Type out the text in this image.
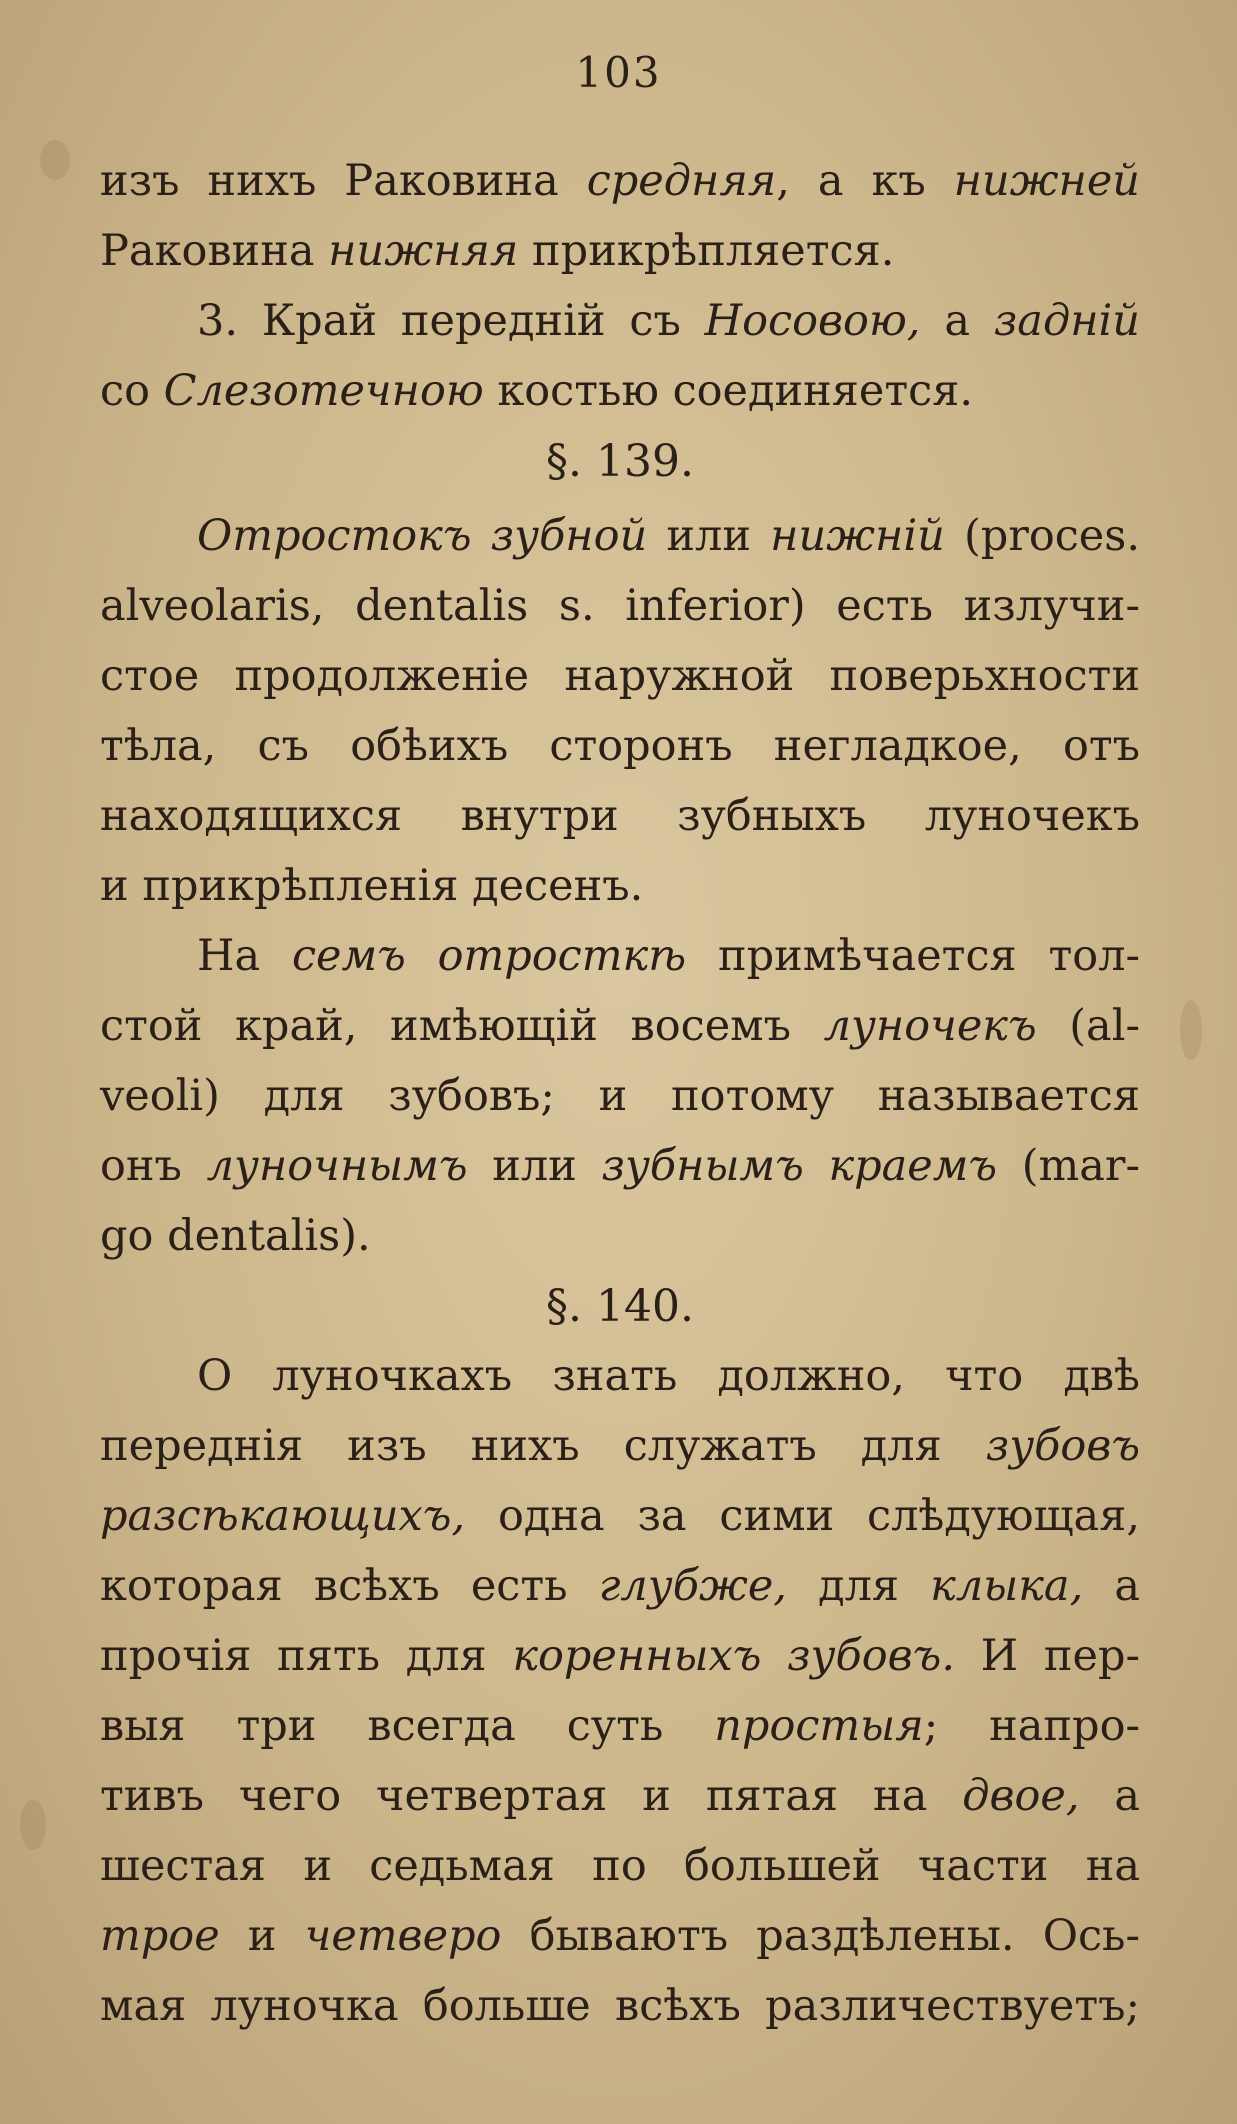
103
изъ нихъ Раковина средняя, а къ нижней
Раковина нижняя прикрѣпляется.
3. Край передній съ Носовою, а задній
со Слезотечною костью соединяется.
§. 139.
Отростокъ зубной или нижній (proces.
alveolaris, dentalis s. inferior) есть излучи-
стое продолженіе наружной поверьхности
тѣла, съ обѣихъ сторонъ негладкое, отъ
находящихся внутри зубныхъ луночекъ
и прикрѣпленія десенъ.
На семъ отросткѣ примѣчается тол-
стой край, имѣющій восемъ луночекъ (al-
veoli) для зубовъ; и потому называется
онъ луночнымъ или зубнымъ краемъ (mar-
go dentalis).
§. 140.
О луночкахъ знать должно, что двѣ
переднія изъ нихъ служатъ для зубовъ
разсѣкающихъ, одна за сими слѣдующая,
которая всѣхъ есть глубже, для клыка, а
прочія пять для коренныхъ зубовъ. И пер-
выя три всегда суть простыя; напро-
тивъ чего четвертая и пятая на двое, а
шестая и седьмая по большей части на
трое и четверо бываютъ раздѣлены. Ось-
мая луночка больше всѣхъ различествуетъ;
